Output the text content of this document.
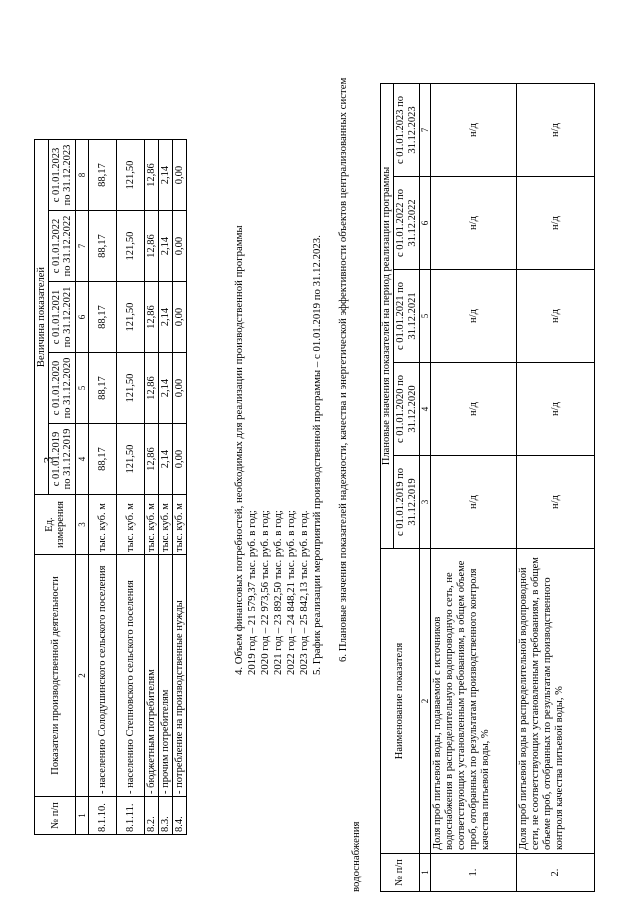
3
№ п/п	Показатели производственной деятельности	Ед. измерения	Величина показателей				
			с 01.01.2019 по 31.12.2019	с 01.01.2020 по 31.12.2020	с 01.01.2021 по 31.12.2021	с 01.01.2022 по 31.12.2022	с 01.01.2023 по 31.12.2023
1	2	3	4	5	6	7	8
8.1.10.	- населению Солодушинского сельского поселения	тыс. куб. м	88,17	88,17	88,17	88,17	88,17
8.1.11.	- населению Степновского сельского поселения	тыс. куб. м	121,50	121,50	121,50	121,50	121,50
8.2.	- бюджетным потребителям	тыс. куб. м	12,86	12,86	12,86	12,86	12,86
8.3.	- прочим потребителям	тыс. куб. м	2,14	2,14	2,14	2,14	2,14
8.4.	- потребление на производственные нужды	тыс. куб. м	0,00	0,00	0,00	0,00	0,00

4. Объем финансовых потребностей, необходимых для реализации производственной программы 2019 год – 21 579,37 тыс. руб. в год; 2020 год – 22 973,56 тыс. руб. в год; 2021 год – 23 892,50 тыс. руб. в год; 2022 год – 24 848,21 тыс. руб. в год; 2023 год – 25 842,13 тыс. руб. в год. 5. График реализации мероприятий производственной программы – с 01.01.2019 по 31.12.2023. 6. Плановые значения показателей надежности, качества и энергетической эффективности объектов централизованных систем водоснабжения	№ п/п	Наименование показателя	Плановые значения показателей на период реализации программы				
		с 01.01.2019 по 31.12.2019	с 01.01.2020 по 31.12.2020	с 01.01.2021 по 31.12.2021	с 01.01.2022 по 31.12.2022	с 01.01.2023 по 31.12.2023
1	2	3	4	5	6	7
1.	Доля проб питьевой воды, подаваемой с источников водоснабжения в распределительную водопроводную сеть, не соответствующих установленным требованиям, в общем объеме проб, отобранных по результатам производственного контроля качества питьевой воды, %	н/д	н/д	н/д	н/д	н/д
2.	Доля проб питьевой воды в распределительной водопроводной сети, не соответствующих установленным требованиям, в общем объеме проб, отобранных по результатам производственного контроля качества питьевой воды, %	н/д	н/д	н/д	н/д	н/д
